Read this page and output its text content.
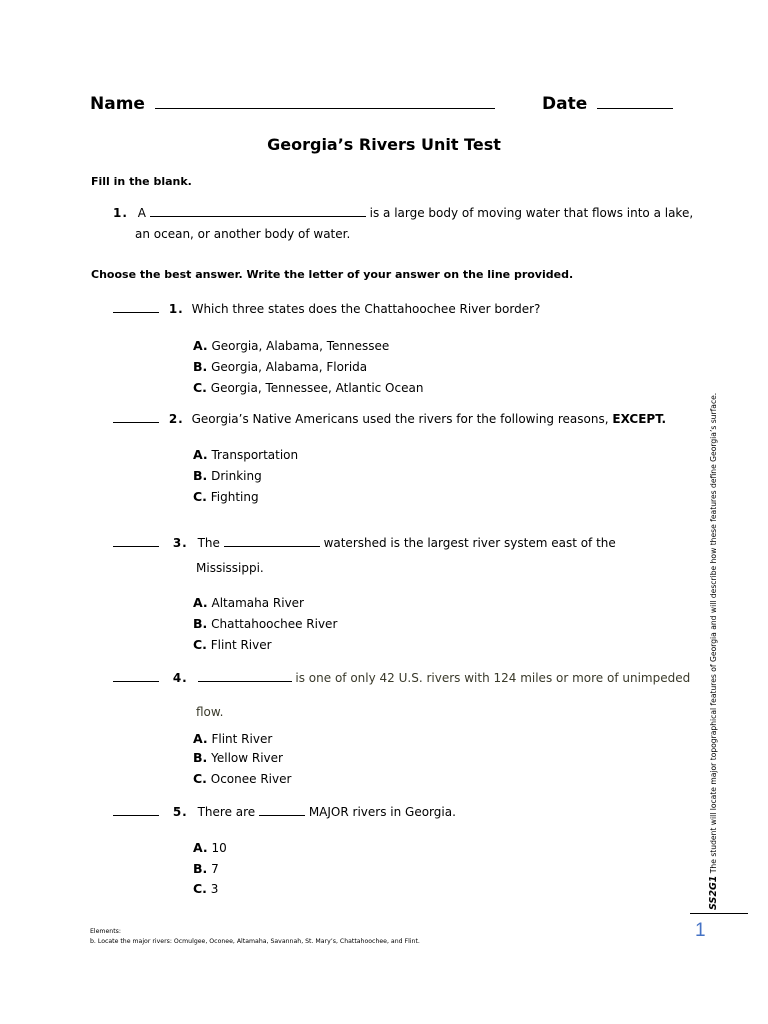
Name	Date
Georgia’s Rivers Unit Test
Fill in the blank.
1. A	is a large body of moving water that flows into a lake,
an ocean, or another body of water.
Choose the best answer. Write the letter of your answer on the line provided.
1. Which three states does the Chattahoochee River border?
A. Georgia, Alabama, Tennessee
B. Georgia, Alabama, Florida
C. Georgia, Tennessee, Atlantic Ocean
2. Georgia’s Native Americans used the rivers for the following reasons, EXCEPT.
A. Transportation
B. Drinking
C. Fighting
3. The	watershed is the largest river system east of the
Mississippi.
A. Altamaha River
B. Chattahoochee River
C. Flint River
4.	is one of only 42 U.S. rivers with 124 miles or more of unimpeded
flow.
A. Flint River
B. Yellow River
C. Oconee River
5. There are	MAJOR rivers in Georgia.
A. 10
B. 7
C. 3	SS2G1 The student will locate major topographical features of Georgia and will describe how these features define Georgia’s surface.
1
Elements:
b. Locate the major rivers: Ocmulgee, Oconee, Altamaha, Savannah, St. Mary’s, Chattahoochee, and Flint.
